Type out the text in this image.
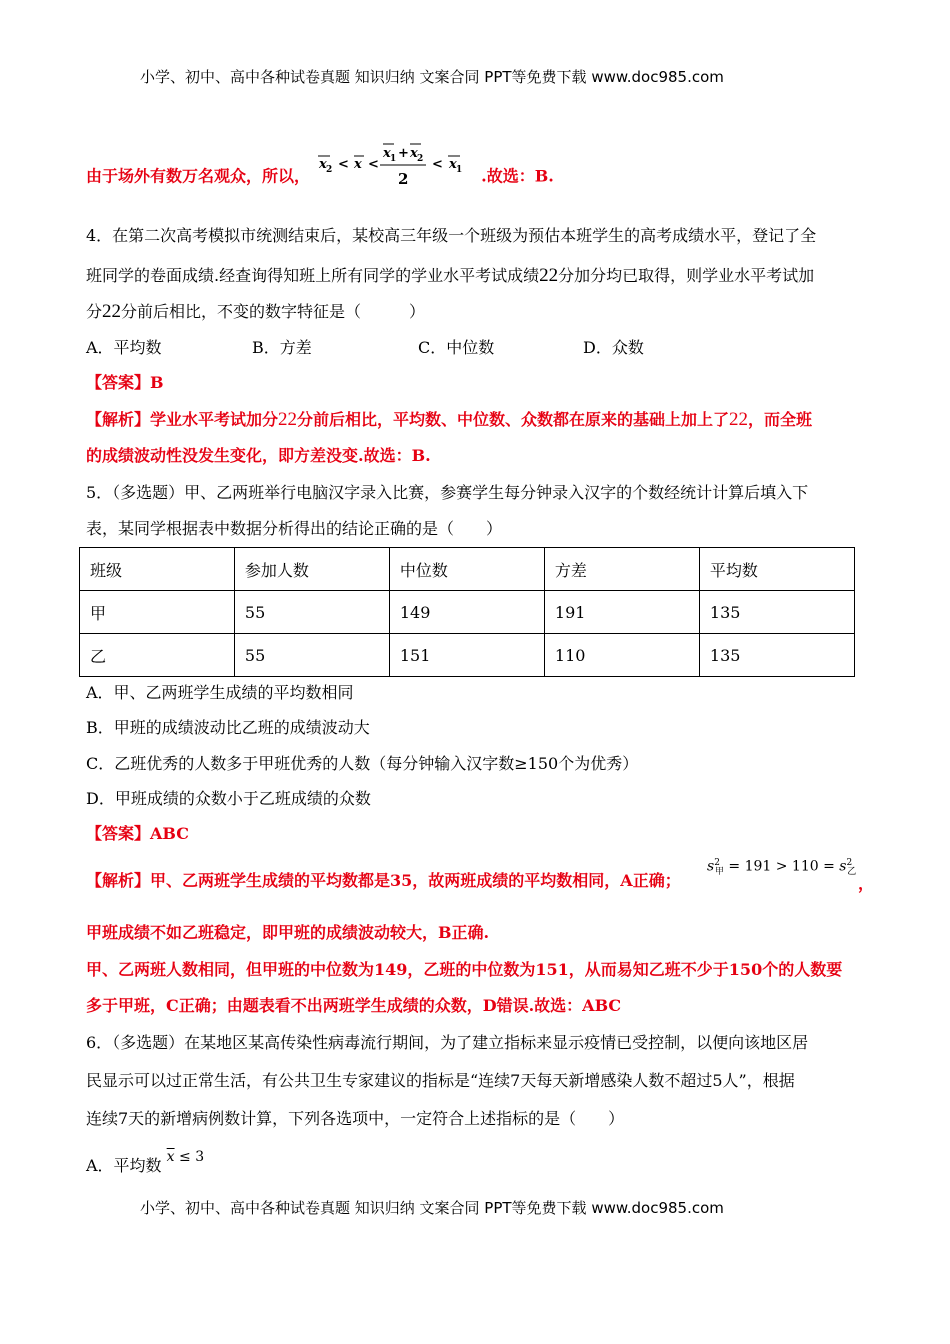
小学、初中、高中各种试卷真题 知识归纳 文案合同 PPT等免费下载 www.doc985.com
由于场外有数万名观众，所以，
x 2 < x <
x 1 + x 2
2
< x 1 .故选：B.
4．在第二次高考模拟市统测结束后，某校高三年级一个班级为预估本班学生的高考成绩水平，登记了全
班同学的卷面成绩.经查询得知班上所有同学的学业水平考试成绩22分加分均已取得，则学业水平考试加
分22分前后相比，不变的数字特征是（　　　）
A．平均数	B．方差	C．中位数	D．众数
【答案】B
【解析】学业水平考试加分22分前后相比，平均数、中位数、众数都在原来的基础上加上了22，而全班
的成绩波动性没发生变化，即方差没变.故选：B.
5．（多选题）甲、乙两班举行电脑汉字录入比赛，参赛学生每分钟录入汉字的个数经统计计算后填入下
表，某同学根据表中数据分析得出的结论正确的是（　　）
班级	参加人数	中位数	方差	平均数
甲	55	149	191	135
乙	55	151	110	135
A．甲、乙两班学生成绩的平均数相同
B．甲班的成绩波动比乙班的成绩波动大
C．乙班优秀的人数多于甲班优秀的人数（每分钟输入汉字数≥150个为优秀）
D．甲班成绩的众数小于乙班成绩的众数
【答案】ABC
【解析】甲、乙两班学生成绩的平均数都是35，故两班成绩的平均数相同，A正确；
$s^2_甲 = 191 > 110 = s^2_乙$
，
甲班成绩不如乙班稳定，即甲班的成绩波动较大，B正确.
甲、乙两班人数相同，但甲班的中位数为149，乙班的中位数为151，从而易知乙班不少于150个的人数要
多于甲班，C正确；由题表看不出两班学生成绩的众数，D错误.故选：ABC
6．（多选题）在某地区某高传染性病毒流行期间，为了建立指标来显示疫情已受控制，以便向该地区居
民显示可以过正常生活，有公共卫生专家建议的指标是“连续7天每天新增感染人数不超过5人”，根据
连续7天的新增病例数计算，下列各选项中，一定符合上述指标的是（　　）
A．平均数 $\overline{x} \le 3$
小学、初中、高中各种试卷真题 知识归纳 文案合同 PPT等免费下载 www.doc985.com
